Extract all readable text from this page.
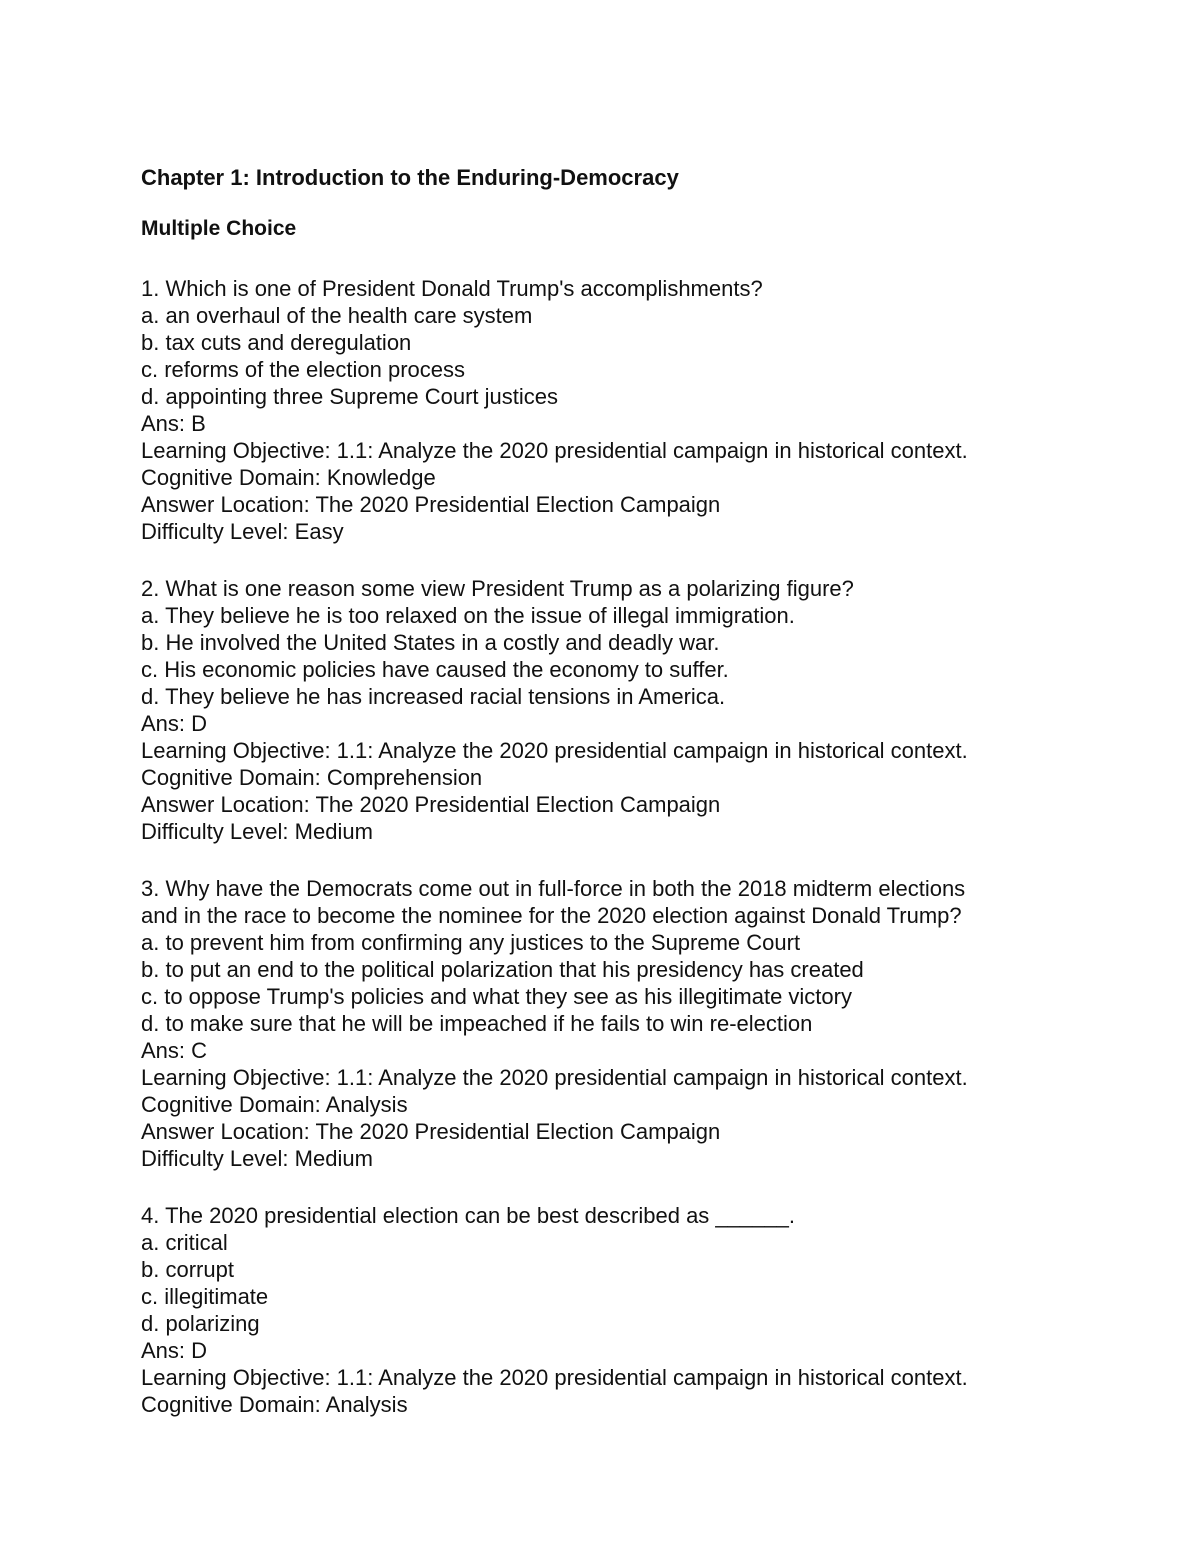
Chapter 1: Introduction to the Enduring-Democracy
Multiple Choice
1. Which is one of President Donald Trump's accomplishments?
a. an overhaul of the health care system
b. tax cuts and deregulation
c. reforms of the election process
d. appointing three Supreme Court justices
Ans: B
Learning Objective: 1.1: Analyze the 2020 presidential campaign in historical context.
Cognitive Domain: Knowledge
Answer Location: The 2020 Presidential Election Campaign
Difficulty Level: Easy
2. What is one reason some view President Trump as a polarizing figure?
a. They believe he is too relaxed on the issue of illegal immigration.
b. He involved the United States in a costly and deadly war.
c. His economic policies have caused the economy to suffer.
d. They believe he has increased racial tensions in America.
Ans: D
Learning Objective: 1.1: Analyze the 2020 presidential campaign in historical context.
Cognitive Domain: Comprehension
Answer Location: The 2020 Presidential Election Campaign
Difficulty Level: Medium
3. Why have the Democrats come out in full-force in both the 2018 midterm elections
and in the race to become the nominee for the 2020 election against Donald Trump?
a. to prevent him from confirming any justices to the Supreme Court
b. to put an end to the political polarization that his presidency has created
c. to oppose Trump's policies and what they see as his illegitimate victory
d. to make sure that he will be impeached if he fails to win re-election
Ans: C
Learning Objective: 1.1: Analyze the 2020 presidential campaign in historical context.
Cognitive Domain: Analysis
Answer Location: The 2020 Presidential Election Campaign
Difficulty Level: Medium
4. The 2020 presidential election can be best described as ______.
a. critical
b. corrupt
c. illegitimate
d. polarizing
Ans: D
Learning Objective: 1.1: Analyze the 2020 presidential campaign in historical context.
Cognitive Domain: Analysis
